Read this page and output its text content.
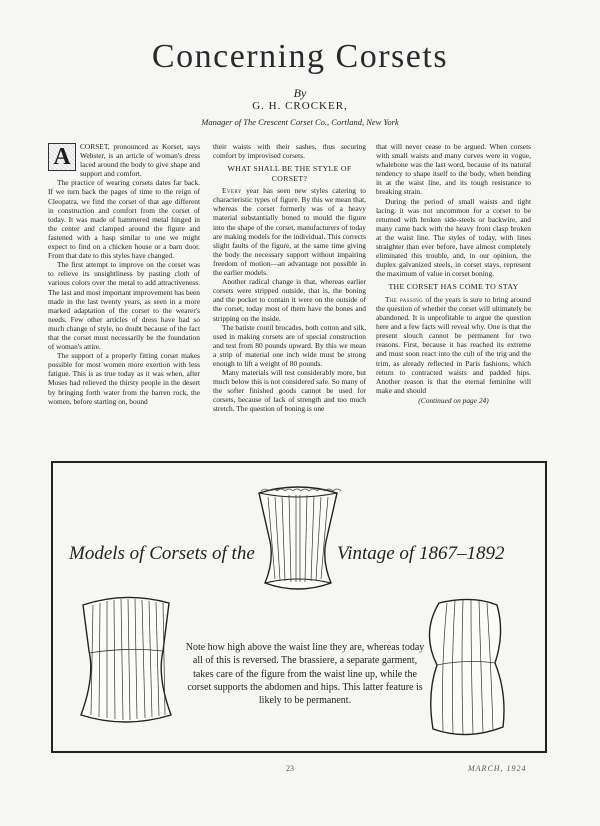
Concerning Corsets
By
G. H. CROCKER,
Manager of The Crescent Corset Co., Cortland, New York

A	CORSET, pronounced as Korset, says Webster, is an article of woman's dress laced around the body to give shape and support and comfort.

The practice of wearing corsets dates far back. If we turn back the pages of time to the reign of Cleopatra, we find the corset of that age different in construction and comfort from the corset of today. It was made of hammered metal hinged in the center and clamped around the figure and fastened with a hasp similar to one we might expect to find on a chicken house or a barn door. From that date to this styles have changed.

The first attempt to improve on the corset was to relieve its unsightliness by pasting cloth of various colors over the metal to add attractiveness. The last and most important improvement has been made in the last twenty years, as seen in a more marked adaptation of the corset to the wearer's needs. Few other articles of dress have had so much change of style, no doubt because of the fact that the corset must necessarily be the foundation of woman's attire.

The support of a properly fitting corset makes possible for most women more exertion with less fatigue. This is as true today as it was when, after Moses had relieved the thirsty people in the desert by bringing forth water from the barren rock, the women, before starting on, bound

their waists with their sashes, thus securing comfort by improvised corsets.

WHAT SHALL BE THE STYLE OF CORSET?

Every year has seen new styles catering to characteristic types of figure. By this we mean that, whereas the corset formerly was of a heavy material substantially boned to mould the figure into the shape of the corset, manufacturers of today are making models for the individual. This corrects slight faults of the figure, at the same time giving the body the necessary support without impairing freedom of motion—an advantage not possible in the earlier models.

Another radical change is that, whereas earlier corsets were stripped outside, that is, the boning and the pocket to contain it were on the outside of the corset, today most of them have the bones and stripping on the inside.

The batiste coutil brocades, both cotton and silk, used in making corsets are of special construction and test from 80 pounds upward. By this we mean a strip of material one inch wide must be strong enough to lift a weight of 80 pounds.

Many materials will test considerably more, but much below this is not considered safe. So many of the softer finished goods cannot be used for corsets, because of lack of strength and too much stretch. The question of boning is one

that will never cease to be argued. When corsets with small waists and many curves were in vogue, whalebone was the last word, because of its natural tendency to shape itself to the body, when bending in at the waist line, and its tough resistance to breaking strain.

During the period of small waists and tight lacing, it was not uncommon for a corset to be returned with broken side-steels or backwire, and many came back with the heavy front clasp broken at the waist line. The styles of today, with lines straighter than ever before, have almost completely eliminated this trouble, and, in our opinion, the duplex galvanized steels, in corset stays, represent the maximum of value in corset boning.

THE CORSET HAS COME TO STAY

The passing of the years is sure to bring around the question of whether the corset will ultimately be abandoned. It is unprofitable to argue the question here and a few facts will reveal why. One is that the present slouch cannot be permanent for two reasons. First, because it has reached its extreme and must soon react into the cult of the trig and the trim, as already reflected in Paris fashions, which return to contracted waists and padded hips. Another reason is that the eternal feminine will make and should

(Continued on page 24)
Models of Corsets of the	Vintage of 1867–1892
Note how high above the waist line they are, whereas today all of this is reversed. The brassiere, a separate garment, takes care of the figure from the waist line up, while the corset supports the abdomen and hips. This latter feature is likely to be permanent.
23	MARCH, 1924
